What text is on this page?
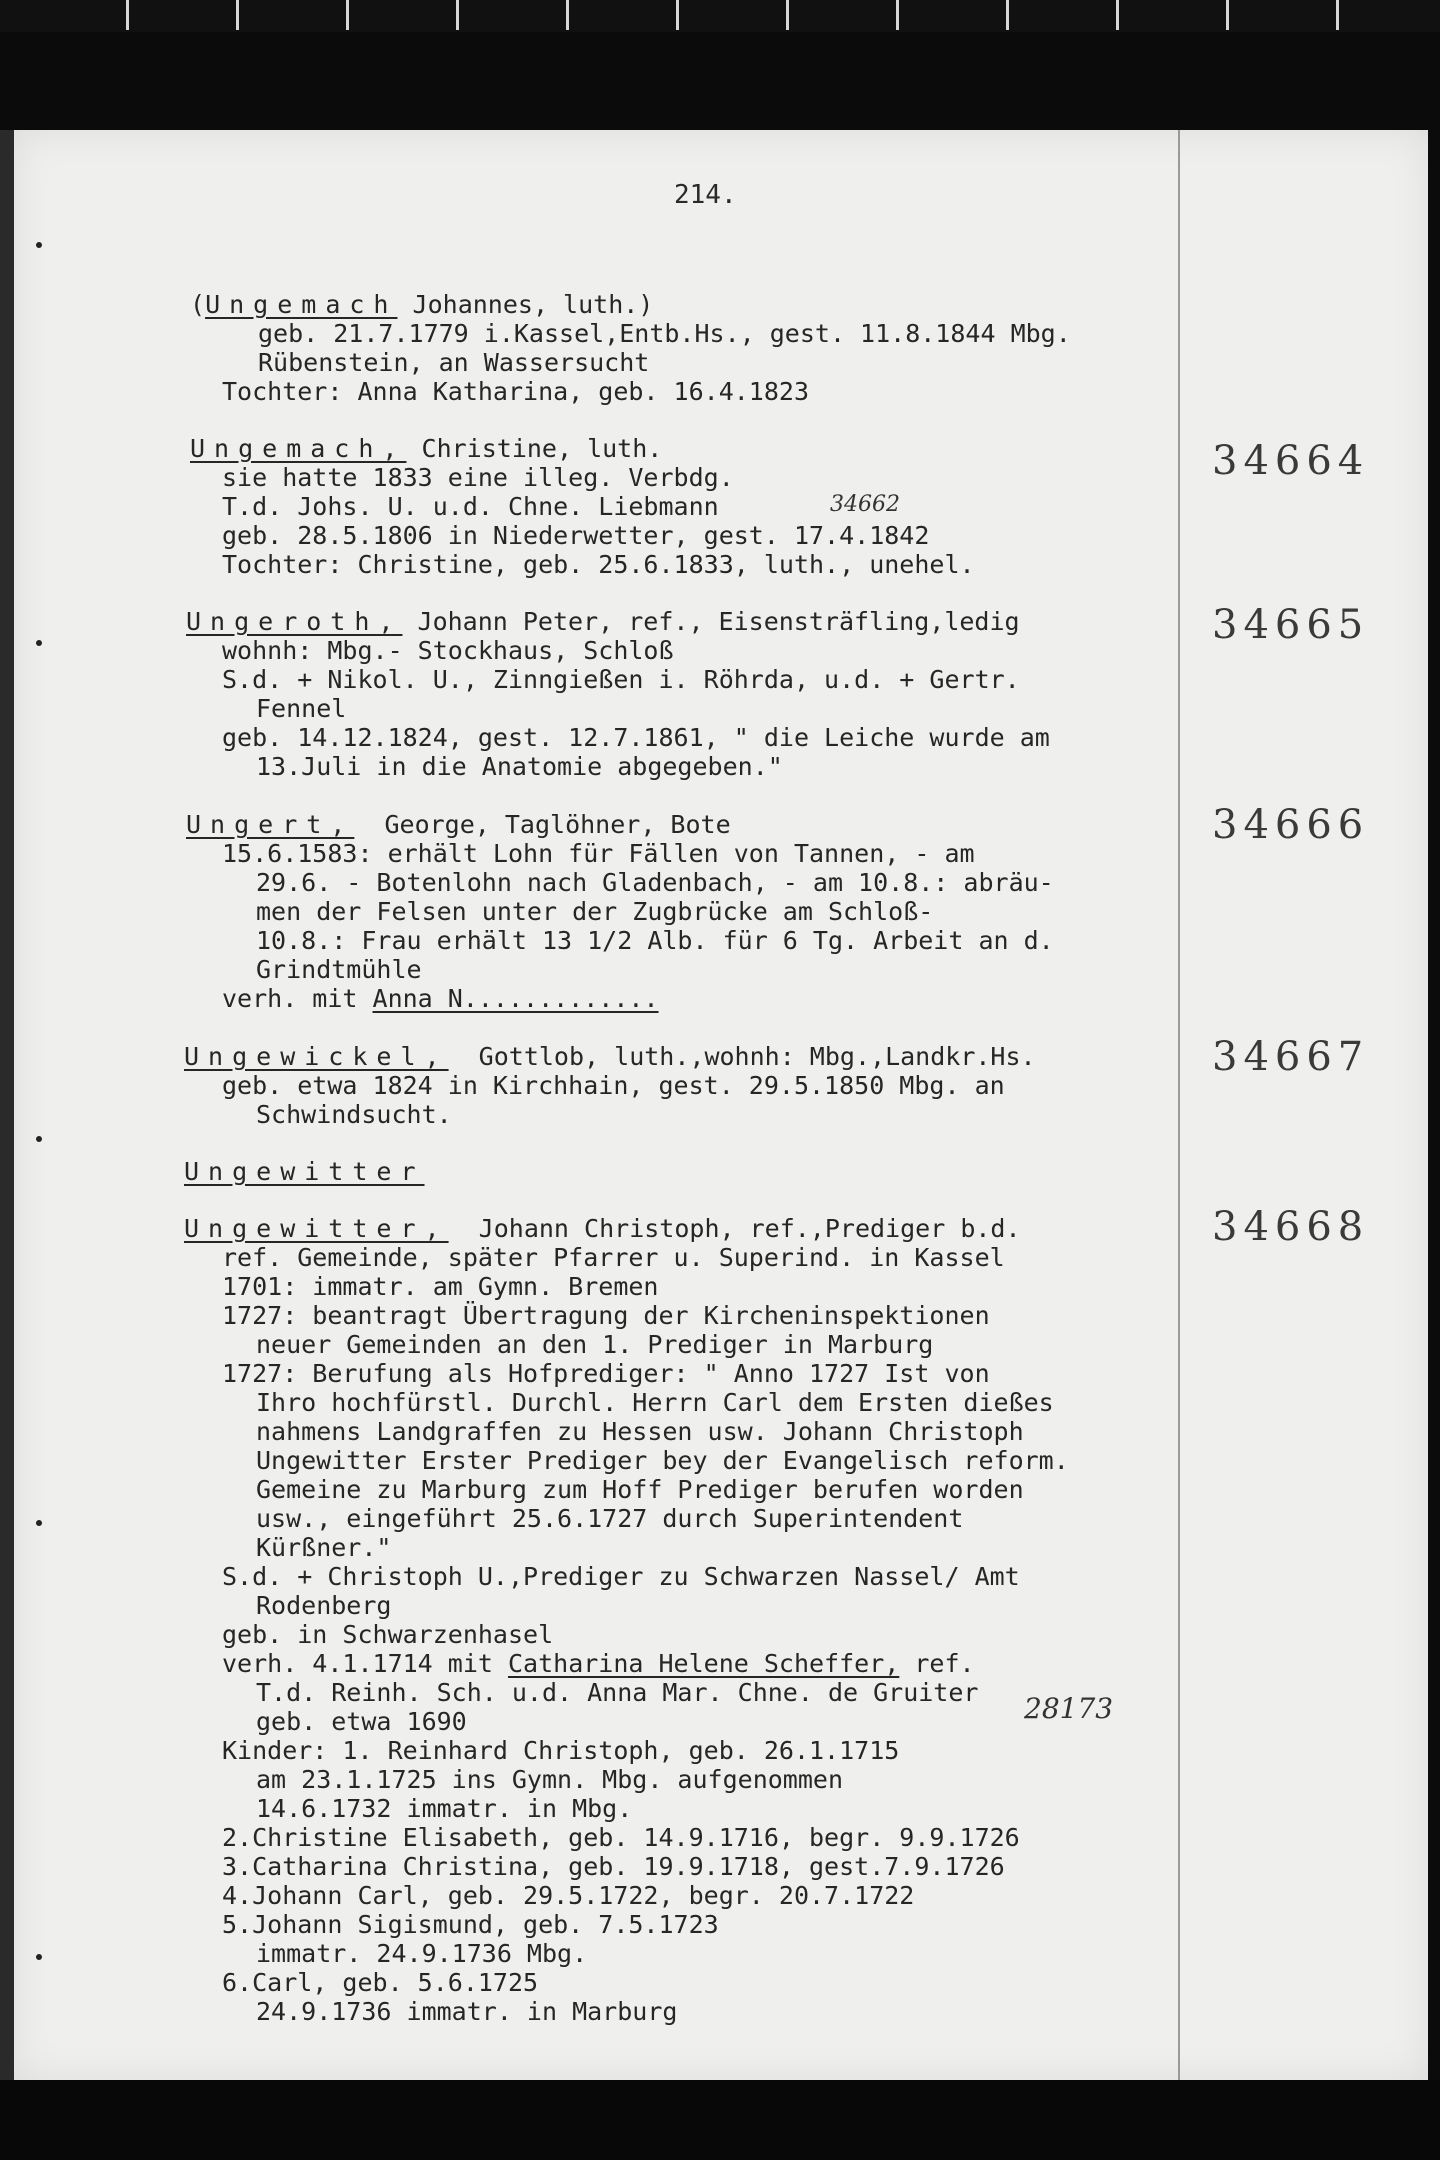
214.
(Ungemach Johannes, luth.)
geb. 21.7.1779 i.Kassel,Entb.Hs., gest. 11.8.1844 Mbg.
Rübenstein, an Wassersucht
Tochter: Anna Katharina, geb. 16.4.1823
Ungemach, Christine, luth.
sie hatte 1833 eine illeg. Verbdg.
T.d. Johs. U. u.d. Chne. Liebmann	34662
geb. 28.5.1806 in Niederwetter, gest. 17.4.1842
Tochter: Christine, geb. 25.6.1833, luth., unehel.
34664
Ungeroth, Johann Peter, ref., Eisensträfling,ledig
wohnh: Mbg.- Stockhaus, Schloß
S.d. + Nikol. U., Zinngießen i. Röhrda, u.d. + Gertr.
Fennel
geb. 14.12.1824, gest. 12.7.1861, " die Leiche wurde am
13.Juli in die Anatomie abgegeben."
34665
Ungert,  George, Taglöhner, Bote
15.6.1583: erhält Lohn für Fällen von Tannen, - am
29.6. - Botenlohn nach Gladenbach, - am 10.8.: abräu-
men der Felsen unter der Zugbrücke am Schloß-
10.8.: Frau erhält 13 1/2 Alb. für 6 Tg. Arbeit an d.
Grindtmühle
verh. mit Anna N.............
34666
Ungewickel,  Gottlob, luth.,wohnh: Mbg.,Landkr.Hs.
geb. etwa 1824 in Kirchhain, gest. 29.5.1850 Mbg. an
Schwindsucht.
34667
Ungewitter
Ungewitter,  Johann Christoph, ref.,Prediger b.d.
ref. Gemeinde, später Pfarrer u. Superind. in Kassel
1701: immatr. am Gymn. Bremen
1727: beantragt Übertragung der Kircheninspektionen
neuer Gemeinden an den 1. Prediger in Marburg
1727: Berufung als Hofprediger: " Anno 1727 Ist von
Ihro hochfürstl. Durchl. Herrn Carl dem Ersten dießes
nahmens Landgraffen zu Hessen usw. Johann Christoph
Ungewitter Erster Prediger bey der Evangelisch reform.
Gemeine zu Marburg zum Hoff Prediger berufen worden
usw., eingeführt 25.6.1727 durch Superintendent
Kürßner."
S.d. + Christoph U.,Prediger zu Schwarzen Nassel/ Amt
Rodenberg
geb. in Schwarzenhasel
verh. 4.1.1714 mit Catharina Helene Scheffer, ref.
T.d. Reinh. Sch. u.d. Anna Mar. Chne. de Gruiter
geb. etwa 1690	28173
Kinder: 1. Reinhard Christoph, geb. 26.1.1715
am 23.1.1725 ins Gymn. Mbg. aufgenommen
14.6.1732 immatr. in Mbg.
2.Christine Elisabeth, geb. 14.9.1716, begr. 9.9.1726
3.Catharina Christina, geb. 19.9.1718, gest.7.9.1726
4.Johann Carl, geb. 29.5.1722, begr. 20.7.1722
5.Johann Sigismund, geb. 7.5.1723
immatr. 24.9.1736 Mbg.
6.Carl, geb. 5.6.1725
24.9.1736 immatr. in Marburg
34668
